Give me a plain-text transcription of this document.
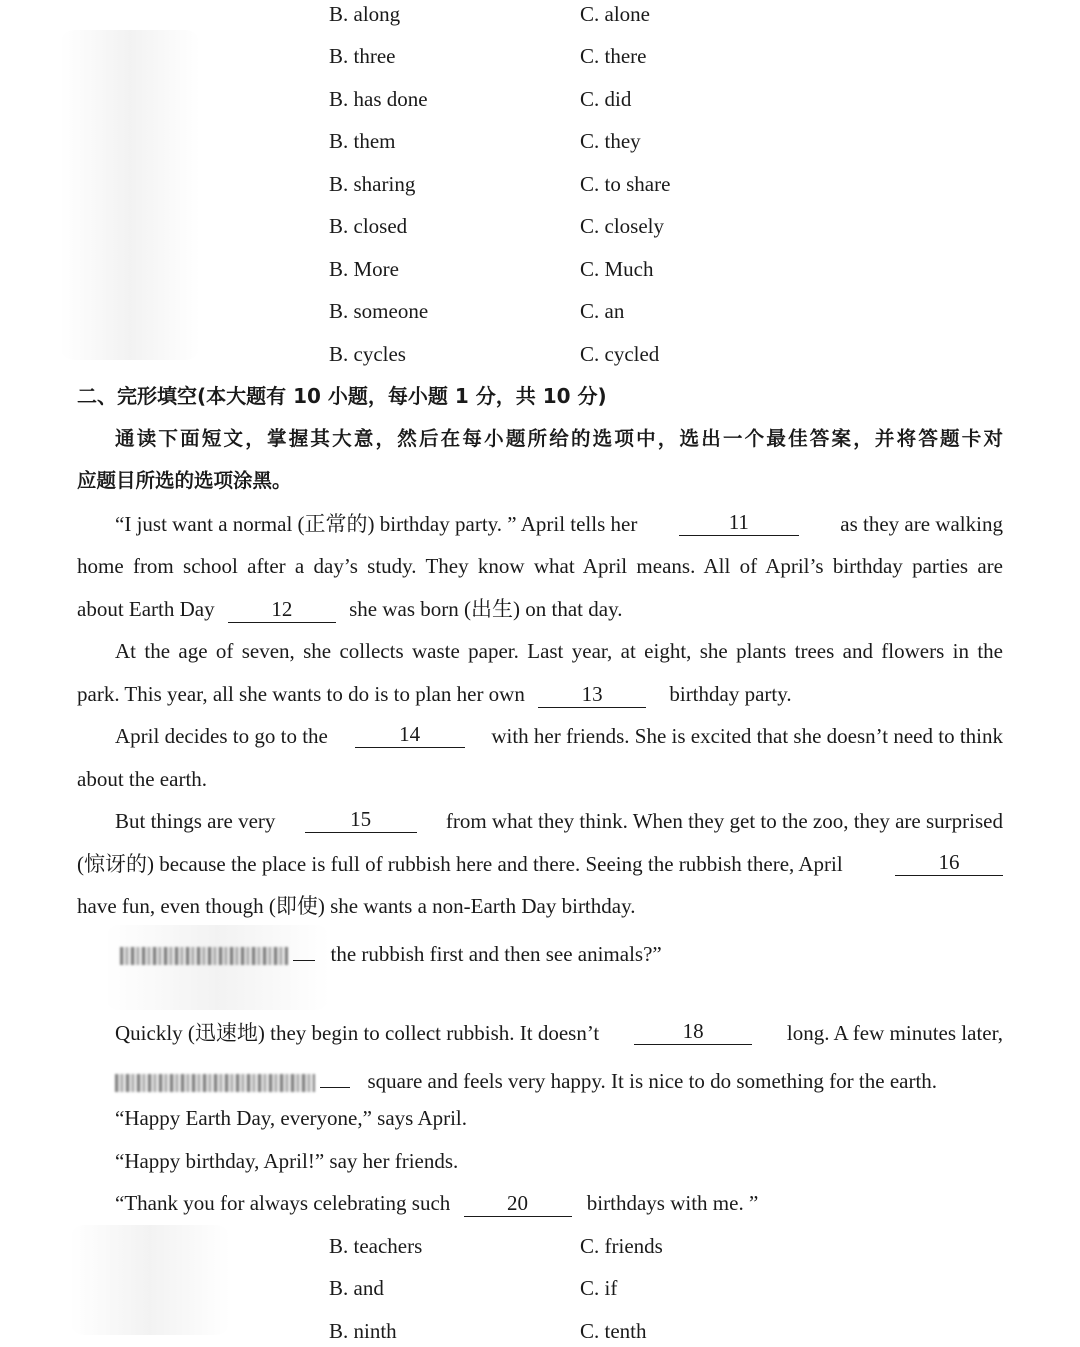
B. along	C. alone
B. three	C. there
B. has done	C. did
B. them	C. they
B. sharing	C. to share
B. closed	C. closely
B. More	C. Much
B. someone	C. an
B. cycles	C. cycled
二、完形填空(本大题有 10 小题，每小题 1 分，共 10 分)
通读下面短文，掌握其大意，然后在每小题所给的选项中，选出一个最佳答案，并将答题卡对
应题目所选的选项涂黑。
“I just want a normal (正常的) birthday party. ” April tells her	11	as they are walking
home from school after a day’s study. They know what April means. All of April’s birthday parties are
about Earth Day	12	she was born (出生) on that day.
At the age of seven, she collects waste paper. Last year, at eight, she plants trees and flowers in the
park. This year, all she wants to do is to plan her own	13	birthday party.
April decides to go to the	14	with her friends. She is excited that she doesn’t need to think
about the earth.
But things are very	15	from what they think. When they get to the zoo, they are surprised
(惊讶的) because the place is full of rubbish here and there. Seeing the rubbish there, April	16
have fun, even though (即使) she wants a non-Earth Day birthday.
the rubbish first and then see animals?”
Quickly (迅速地) they begin to collect rubbish. It doesn’t	18	long. A few minutes later,
square and feels very happy. It is nice to do something for the earth.
“Happy Earth Day, everyone,” says April.
“Happy birthday, April!” say her friends.
“Thank you for always celebrating such	20	birthdays with me. ”
B. teachers	C. friends
B. and	C. if
B. ninth	C. tenth
